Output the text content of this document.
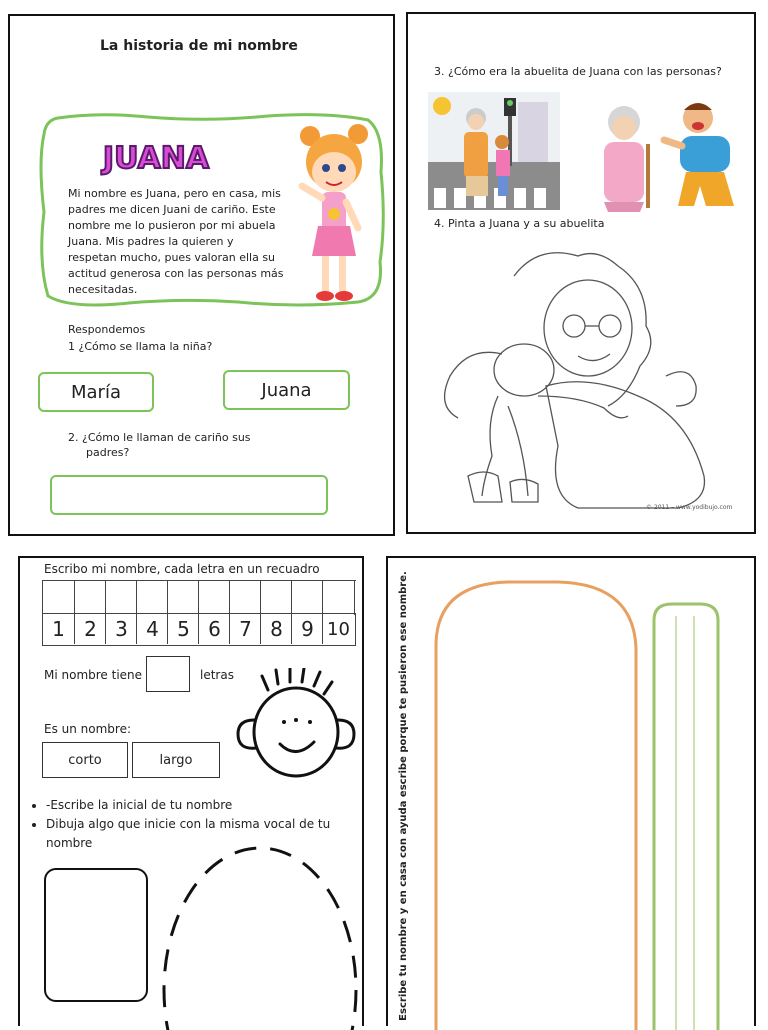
La historia de mi nombre
JUANA
Mi nombre es Juana, pero en casa, mis padres me dicen Juani de cariño. Este nombre me lo pusieron por mi abuela Juana. Mis padres la quieren y respetan mucho, pues valoran ella su actitud generosa con las personas más necesitadas.
Respondemos
1 ¿Cómo se llama la niña?
María	Juana
2. ¿Cómo le llaman de cariño sus
padres?
3. ¿Cómo era la abuelita de Juana con las personas?
4. Pinta a Juana y a su abuelita
© 2011 – www.yodibujo.com
Escribo mi nombre, cada letra en un recuadro
1 2 3 4 5 6 7 8 9 10
Mi nombre tiene	letras
Es un nombre:
corto	largo
• -Escribe la inicial de tu nombre
• Dibuja algo que inicie con la misma vocal de tu nombre	Escribe tu nombre y en casa con ayuda escribe porque te pusieron ese nombre.
